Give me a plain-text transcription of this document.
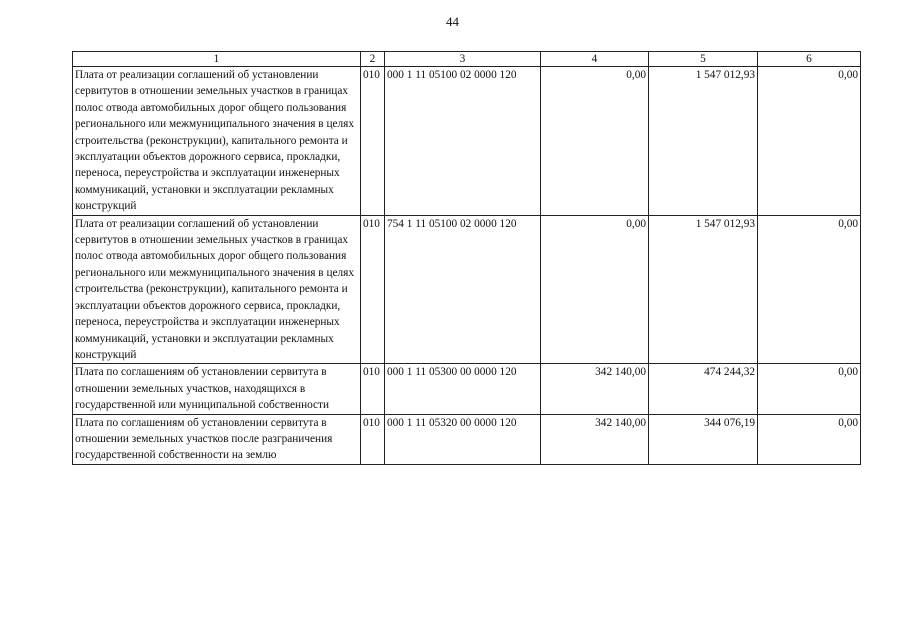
44
1	2	3	4	5	6
Плата от реализации соглашений об установлении сервитутов в отношении земельных участков в границах полос отвода автомобильных дорог общего пользования регионального или межмуниципального значения в целях строительства (реконструкции), капитального ремонта и эксплуатации объектов дорожного сервиса, прокладки, переноса, переустройства и эксплуатации инженерных коммуникаций, установки и эксплуатации рекламных конструкций	010	000 1 11 05100 02 0000 120	0,00	1 547 012,93	0,00
Плата от реализации соглашений об установлении сервитутов в отношении земельных участков в границах полос отвода автомобильных дорог общего пользования регионального или межмуниципального значения в целях строительства (реконструкции), капитального ремонта и эксплуатации объектов дорожного сервиса, прокладки, переноса, переустройства и эксплуатации инженерных коммуникаций, установки и эксплуатации рекламных конструкций	010	754 1 11 05100 02 0000 120	0,00	1 547 012,93	0,00
Плата по соглашениям об установлении сервитута в отношении земельных участков, находящихся в государственной или муниципальной собственности	010	000 1 11 05300 00 0000 120	342 140,00	474 244,32	0,00
Плата по соглашениям об установлении сервитута в отношении земельных участков после разграничения государственной собственности на землю	010	000 1 11 05320 00 0000 120	342 140,00	344 076,19	0,00
